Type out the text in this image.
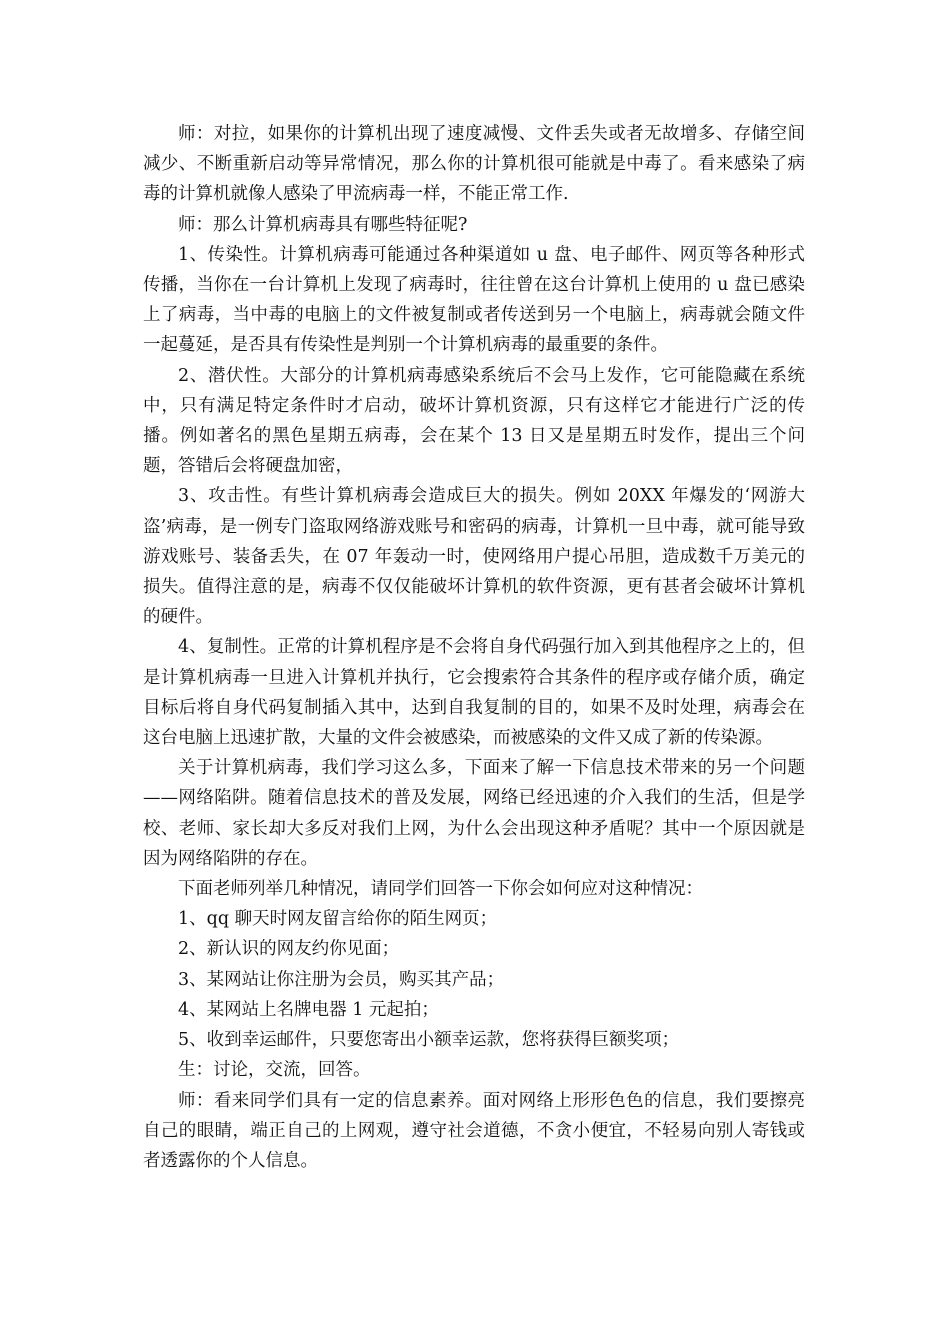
师：对拉，如果你的计算机出现了速度减慢、文件丢失或者无故增多、存储空间减少、不断重新启动等异常情况，那么你的计算机很可能就是中毒了。看来感染了病毒的计算机就像人感染了甲流病毒一样，不能正常工作.

师：那么计算机病毒具有哪些特征呢?

1、传染性。计算机病毒可能通过各种渠道如 u 盘、电子邮件、网页等各种形式传播，当你在一台计算机上发现了病毒时，往往曾在这台计算机上使用的 u 盘已感染上了病毒，当中毒的电脑上的文件被复制或者传送到另一个电脑上，病毒就会随文件一起蔓延，是否具有传染性是判别一个计算机病毒的最重要的条件。

2、潜伏性。大部分的计算机病毒感染系统后不会马上发作，它可能隐藏在系统中，只有满足特定条件时才启动，破坏计算机资源，只有这样它才能进行广泛的传播。例如著名的黑色星期五病毒，会在某个 13 日又是星期五时发作，提出三个问题，答错后会将硬盘加密，

3、攻击性。有些计算机病毒会造成巨大的损失。例如 20XX 年爆发的‘网游大盗’病毒，是一例专门盗取网络游戏账号和密码的病毒，计算机一旦中毒，就可能导致游戏账号、装备丢失，在 07 年轰动一时，使网络用户提心吊胆，造成数千万美元的损失。值得注意的是，病毒不仅仅能破坏计算机的软件资源，更有甚者会破坏计算机的硬件。

4、复制性。正常的计算机程序是不会将自身代码强行加入到其他程序之上的，但是计算机病毒一旦进入计算机并执行，它会搜索符合其条件的程序或存储介质，确定目标后将自身代码复制插入其中，达到自我复制的目的，如果不及时处理，病毒会在这台电脑上迅速扩散，大量的文件会被感染，而被感染的文件又成了新的传染源。

关于计算机病毒，我们学习这么多，下面来了解一下信息技术带来的另一个问题——网络陷阱。随着信息技术的普及发展，网络已经迅速的介入我们的生活，但是学校、老师、家长却大多反对我们上网，为什么会出现这种矛盾呢？其中一个原因就是因为网络陷阱的存在。

下面老师列举几种情况，请同学们回答一下你会如何应对这种情况：

1、qq 聊天时网友留言给你的陌生网页；

2、新认识的网友约你见面；

3、某网站让你注册为会员，购买其产品；

4、某网站上名牌电器 1 元起拍；

5、收到幸运邮件，只要您寄出小额幸运款，您将获得巨额奖项；

生：讨论，交流，回答。

师：看来同学们具有一定的信息素养。面对网络上形形色色的信息，我们要擦亮自己的眼睛，端正自己的上网观，遵守社会道德，不贪小便宜，不轻易向别人寄钱或者透露你的个人信息。
